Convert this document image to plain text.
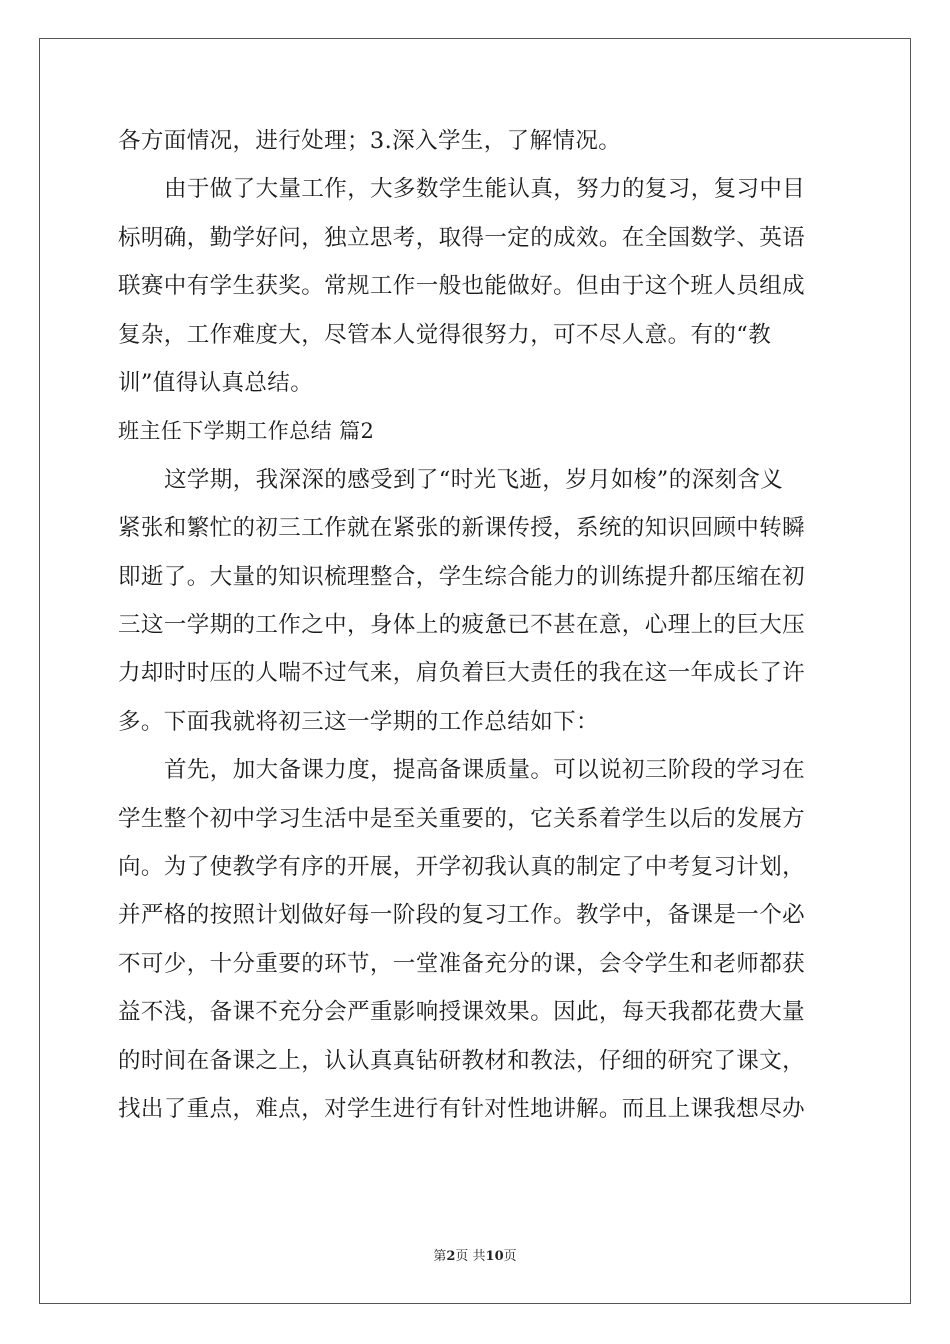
各方面情况，进行处理；3.深入学生，了解情况。
由于做了大量工作，大多数学生能认真，努力的复习，复习中目
标明确，勤学好问，独立思考，取得一定的成效。在全国数学、英语
联赛中有学生获奖。常规工作一般也能做好。但由于这个班人员组成
复杂，工作难度大，尽管本人觉得很努力，可不尽人意。有的“教
训”值得认真总结。
班主任下学期工作总结 篇2
这学期，我深深的感受到了“时光飞逝，岁月如梭”的深刻含义
紧张和繁忙的初三工作就在紧张的新课传授，系统的知识回顾中转瞬
即逝了。大量的知识梳理整合，学生综合能力的训练提升都压缩在初
三这一学期的工作之中，身体上的疲惫已不甚在意，心理上的巨大压
力却时时压的人喘不过气来，肩负着巨大责任的我在这一年成长了许
多。下面我就将初三这一学期的工作总结如下：
首先，加大备课力度，提高备课质量。可以说初三阶段的学习在
学生整个初中学习生活中是至关重要的，它关系着学生以后的发展方
向。为了使教学有序的开展，开学初我认真的制定了中考复习计划，
并严格的按照计划做好每一阶段的复习工作。教学中，备课是一个必
不可少，十分重要的环节，一堂准备充分的课，会令学生和老师都获
益不浅，备课不充分会严重影响授课效果。因此，每天我都花费大量
的时间在备课之上，认认真真钻研教材和教法，仔细的研究了课文，
找出了重点，难点，对学生进行有针对性地讲解。而且上课我想尽办
第2页 共10页
